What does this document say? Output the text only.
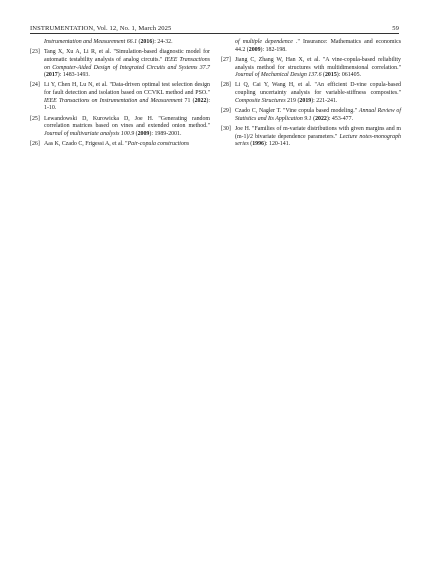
INSTRUMENTATION, Vol. 12, No. 1, March 2025	59

Instrumentation and Measurement 66.1 (2016): 24-32.

[23] Tang X, Xu A, Li R, et al. "Simulation-based diagnostic model for automatic testability analysis of analog circuits." IEEE Transactions on Computer-Aided Design of Integrated Circuits and Systems 37.7 (2017): 1483-1493.

[24] Li Y, Chen H, Lu N, et al. "Data-driven optimal test selection design for fault detection and isolation based on CCVKL method and PSO." IEEE Transactions on Instrumentation and Measurement 71 (2022): 1-10.

[25] Lewandowski D, Kurowicka D, Joe H. "Generating random correlation matrices based on vines and extended onion method." Journal of multivariate analysis 100.9 (2009): 1989-2001.

[26] Aas K, Czado C, Frigessi A, et al. "Pair-copula constructions

of multiple dependence ." Insurance: Mathematics and economics 44.2 (2009): 182-198.

[27] Jiang C, Zhang W, Han X, et al. "A vine-copula-based reliability analysis method for structures with multidimensional correlation." Journal of Mechanical Design 137.6 (2015): 061405.

[28] Li Q, Cai Y, Wang H, et al. "An efficient D-vine copula-based coupling uncertainty analysis for variable-stiffness composites." Composite Structures 219 (2019): 221-241.

[29] Czado C, Nagler T. "Vine copula based modeling." Annual Review of Statistics and Its Application 9.1 (2022): 453-477.

[30] Joe H. "Families of m-variate distributions with given margins and m (m-1)/2 bivariate dependence parameters." Lecture notes-monograph series (1996): 120-141.
